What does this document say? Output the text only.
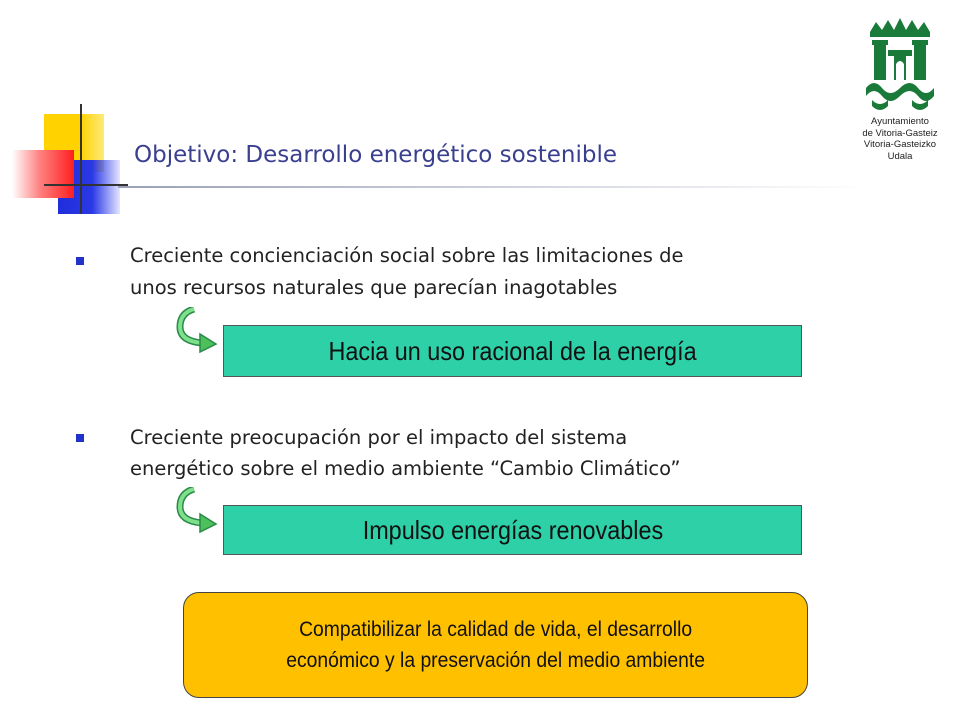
Objetivo: Desarrollo energético sostenible
Ayuntamiento
de Vitoria-Gasteiz
Vitoria-Gasteizko
Udala
Creciente concienciación social sobre las limitaciones de
unos recursos naturales que parecían inagotables
Hacia un uso racional de la energía
Creciente preocupación por el impacto del sistema
energético sobre el medio ambiente “Cambio Climático”
Impulso energías renovables
Compatibilizar la calidad de vida, el desarrollo
económico y la preservación del medio ambiente
